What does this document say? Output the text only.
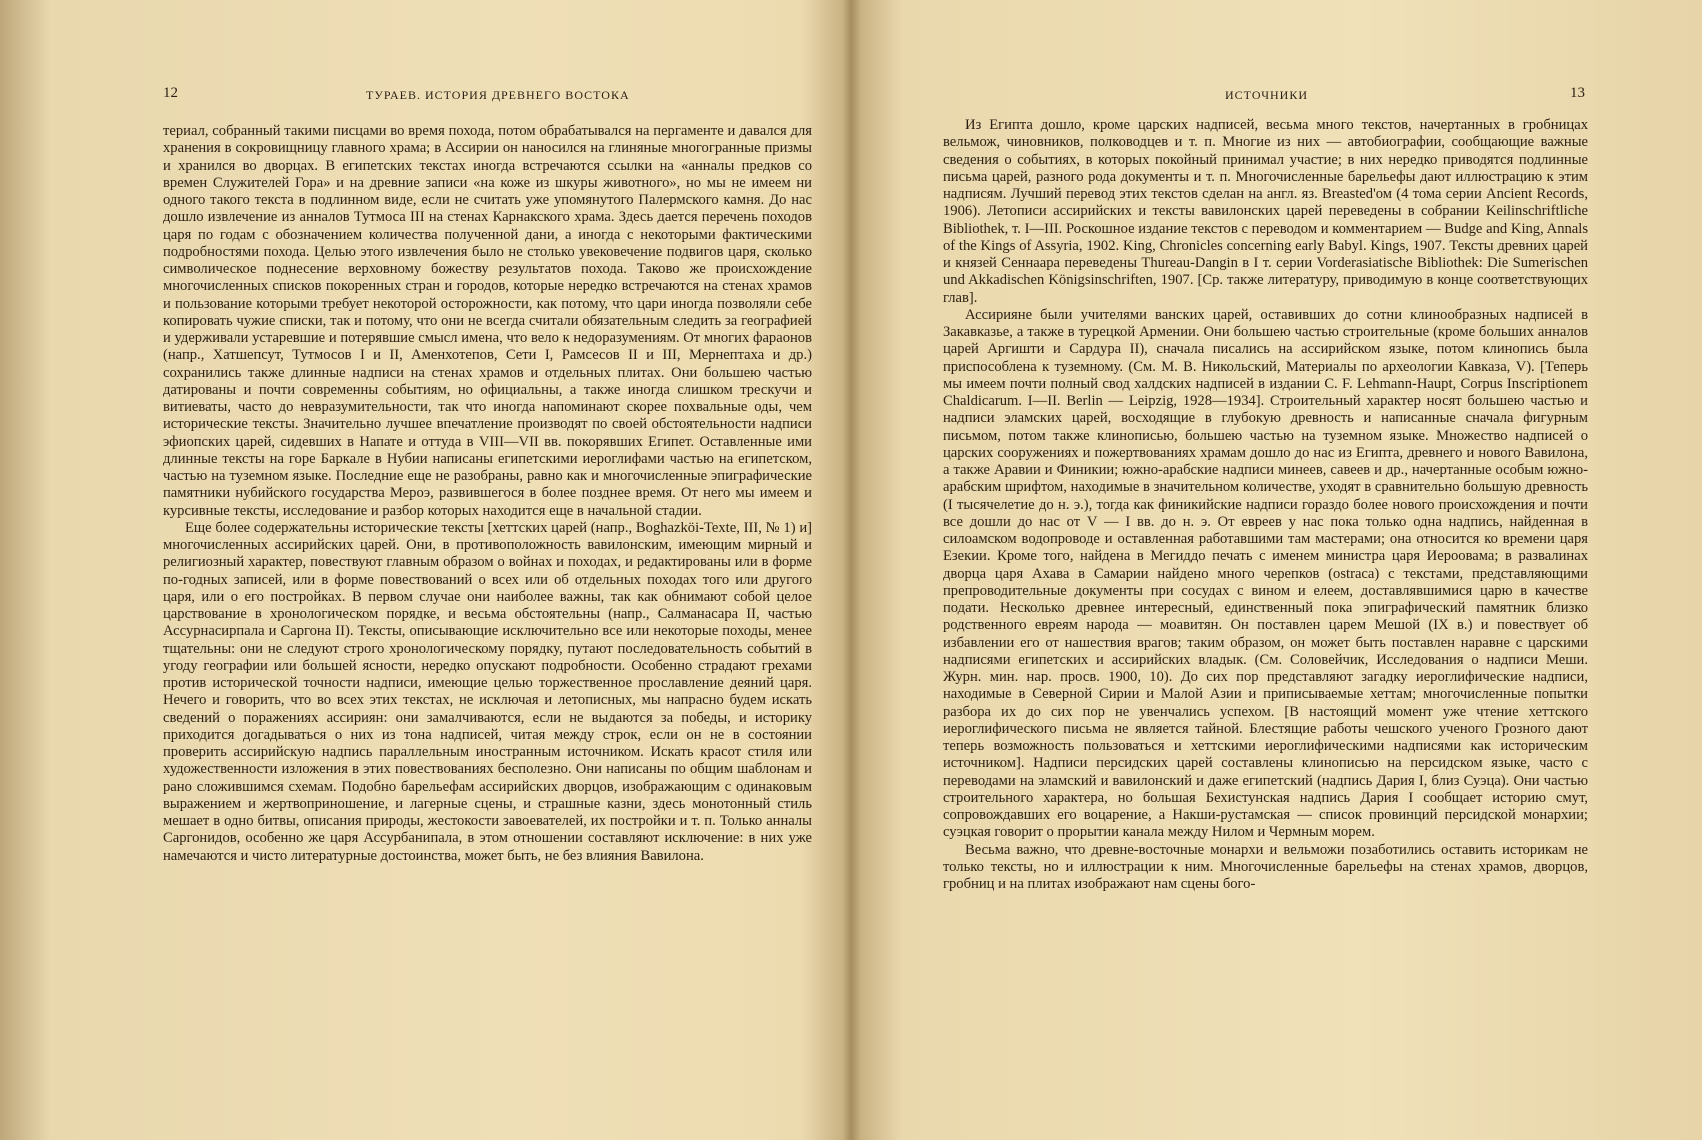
12	ТУРАЕВ. ИСТОРИЯ ДРЕВНЕГО ВОСТОКА

териал, собранный такими писцами во время похода, потом обрабатывался на пергаменте и давался для хранения в сокровищницу главного храма; в Ассирии он наносился на глиняные многогранные призмы и хранился во дворцах. В египетских текстах иногда встречаются ссылки на «анналы предков со времен Служителей Гора» и на древние записи «на коже из шкуры животного», но мы не имеем ни одного такого текста в подлинном виде, если не считать уже упомянутого Палермского камня. До нас дошло извлечение из анналов Тутмоса III на стенах Карнакского храма. Здесь дается перечень походов царя по годам с обозначением количества полученной дани, а иногда с некоторыми фактическими подробностями похода. Целью этого извлечения было не столько увековечение подвигов царя, сколько символическое поднесение верховному божеству результатов похода. Таково же происхождение многочисленных списков покоренных стран и городов, которые нередко встречаются на стенах храмов и пользование которыми требует некоторой осторожности, как потому, что цари иногда позволяли себе копировать чужие списки, так и потому, что они не всегда считали обязательным следить за географией и удерживали устаревшие и потерявшие смысл имена, что вело к недоразумениям. От многих фараонов (напр., Хатшепсут, Тутмосов I и II, Аменхотепов, Сети I, Рамсесов II и III, Мернептаха и др.) сохранились также длинные надписи на стенах храмов и отдельных плитах. Они большею частью датированы и почти современны событиям, но официальны, а также иногда слишком трескучи и витиеваты, часто до невразумительности, так что иногда напоминают скорее похвальные оды, чем исторические тексты. Значительно лучшее впечатление производят по своей обстоятельности надписи эфиопских царей, сидевших в Напате и оттуда в VIII—VII вв. покорявших Египет. Оставленные ими длинные тексты на горе Баркале в Нубии написаны египетскими иероглифами частью на египетском, частью на туземном языке. Последние еще не разобраны, равно как и многочисленные эпиграфические памятники нубийского государства Мероэ, развившегося в более позднее время. От него мы имеем и курсивные тексты, исследование и разбор которых находится еще в начальной стадии.

Еще более содержательны исторические тексты [хеттских царей (напр., Boghazköi-Texte, III, № 1) и] многочисленных ассирийских царей. Они, в противоположность вавилонским, имеющим мирный и религиозный характер, повествуют главным образом о войнах и походах, и редактированы или в форме по-годных записей, или в форме повествований о всех или об отдельных походах того или другого царя, или о его постройках. В первом случае они наиболее важны, так как обнимают собой целое царствование в хронологическом порядке, и весьма обстоятельны (напр., Салманасара II, частью Ассурнасирпала и Саргона II). Тексты, описывающие исключительно все или некоторые походы, менее тщательны: они не следуют строго хронологическому порядку, путают последовательность событий в угоду географии или большей ясности, нередко опускают подробности. Особенно страдают грехами против исторической точности надписи, имеющие целью торжественное прославление деяний царя. Нечего и говорить, что во всех этих текстах, не исключая и летописных, мы напрасно будем искать сведений о поражениях ассириян: они замалчиваются, если не выдаются за победы, и историку приходится догадываться о них из тона надписей, читая между строк, если он не в состоянии проверить ассирийскую надпись параллельным иностранным источником. Искать красот стиля или художественности изложения в этих повествованиях бесполезно. Они написаны по общим шаблонам и рано сложившимся схемам. Подобно барельефам ассирийских дворцов, изображающим с одинаковым выражением и жертвоприношение, и лагерные сцены, и страшные казни, здесь монотонный стиль мешает в одно битвы, описания природы, жестокости завоевателей, их постройки и т. п. Только анналы Саргонидов, особенно же царя Ассурбанипала, в этом отношении составляют исключение: в них уже намечаются и чисто литературные достоинства, может быть, не без влияния Вавилона.

ИСТОЧНИКИ	13

Из Египта дошло, кроме царских надписей, весьма много текстов, начертанных в гробницах вельмож, чиновников, полководцев и т. п. Многие из них — автобиографии, сообщающие важные сведения о событиях, в которых покойный принимал участие; в них нередко приводятся подлинные письма царей, разного рода документы и т. п. Многочисленные барельефы дают иллюстрацию к этим надписям. Лучший перевод этих текстов сделан на англ. яз. Breasted'ом (4 тома серии Ancient Records, 1906). Летописи ассирийских и тексты вавилонских царей переведены в собрании Keilinschriftliche Bibliothek, т. I—III. Роскошное издание текстов с переводом и комментарием — Budge and King, Annals of the Kings of Assyria, 1902. King, Chronicles concerning early Babyl. Kings, 1907. Тексты древних царей и князей Сеннаара переведены Thureau-Dangin в I т. серии Vorderasiatische Bibliothek: Die Sumerischen und Akkadischen Königsinschriften, 1907. [Ср. также литературу, приводимую в конце соответствующих глав].

Ассирияне были учителями ванских царей, оставивших до сотни клинообразных надписей в Закавказье, а также в турецкой Армении. Они большею частью строительные (кроме больших анналов царей Аргишти и Сардура II), сначала писались на ассирийском языке, потом клинопись была приспособлена к туземному. (См. М. В. Никольский, Материалы по археологии Кавказа, V). [Теперь мы имеем почти полный свод халдских надписей в издании C. F. Lehmann-Haupt, Corpus Inscriptionem Chaldicarum. I—II. Berlin — Leipzig, 1928—1934]. Строительный характер носят большею частью и надписи эламских царей, восходящие в глубокую древность и написанные сначала фигурным письмом, потом также клинописью, большею частью на туземном языке. Множество надписей о царских сооружениях и пожертвованиях храмам дошло до нас из Египта, древнего и нового Вавилона, а также Аравии и Финикии; южно-арабские надписи минеев, савеев и др., начертанные особым южно-арабским шрифтом, находимые в значительном количестве, уходят в сравнительно большую древность (I тысячелетие до н. э.), тогда как финикийские надписи гораздо более нового происхождения и почти все дошли до нас от V — I вв. до н. э. От евреев у нас пока только одна надпись, найденная в силоамском водопроводе и оставленная работавшими там мастерами; она относится ко времени царя Езекии. Кроме того, найдена в Мегиддо печать с именем министра царя Иероовама; в развалинах дворца царя Ахава в Самарии найдено много черепков (ostraca) с текстами, представляющими препроводительные документы при сосудах с вином и елеем, доставлявшимися царю в качестве подати. Несколько древнее интересный, единственный пока эпиграфический памятник близко родственного евреям народа — моавитян. Он поставлен царем Мешой (IX в.) и повествует об избавлении его от нашествия врагов; таким образом, он может быть поставлен наравне с царскими надписями египетских и ассирийских владык. (См. Соловейчик, Исследования о надписи Меши. Журн. мин. нар. просв. 1900, 10). До сих пор представляют загадку иероглифические надписи, находимые в Северной Сирии и Малой Азии и приписываемые хеттам; многочисленные попытки разбора их до сих пор не увенчались успехом. [В настоящий момент уже чтение хеттского иероглифического письма не является тайной. Блестящие работы чешского ученого Грозного дают теперь возможность пользоваться и хеттскими иероглифическими надписями как историческим источником]. Надписи персидских царей составлены клинописью на персидском языке, часто с переводами на эламский и вавилонский и даже египетский (надпись Дария I, близ Суэца). Они частью строительного характера, но большая Бехистунская надпись Дария I сообщает историю смут, сопровождавших его воцарение, а Накши-рустамская — список провинций персидской монархии; суэцкая говорит о прорытии канала между Нилом и Чермным морем.

Весьма важно, что древне-восточные монархи и вельможи позаботились оставить историкам не только тексты, но и иллюстрации к ним. Многочисленные барельефы на стенах храмов, дворцов, гробниц и на плитах изображают нам сцены бого-
